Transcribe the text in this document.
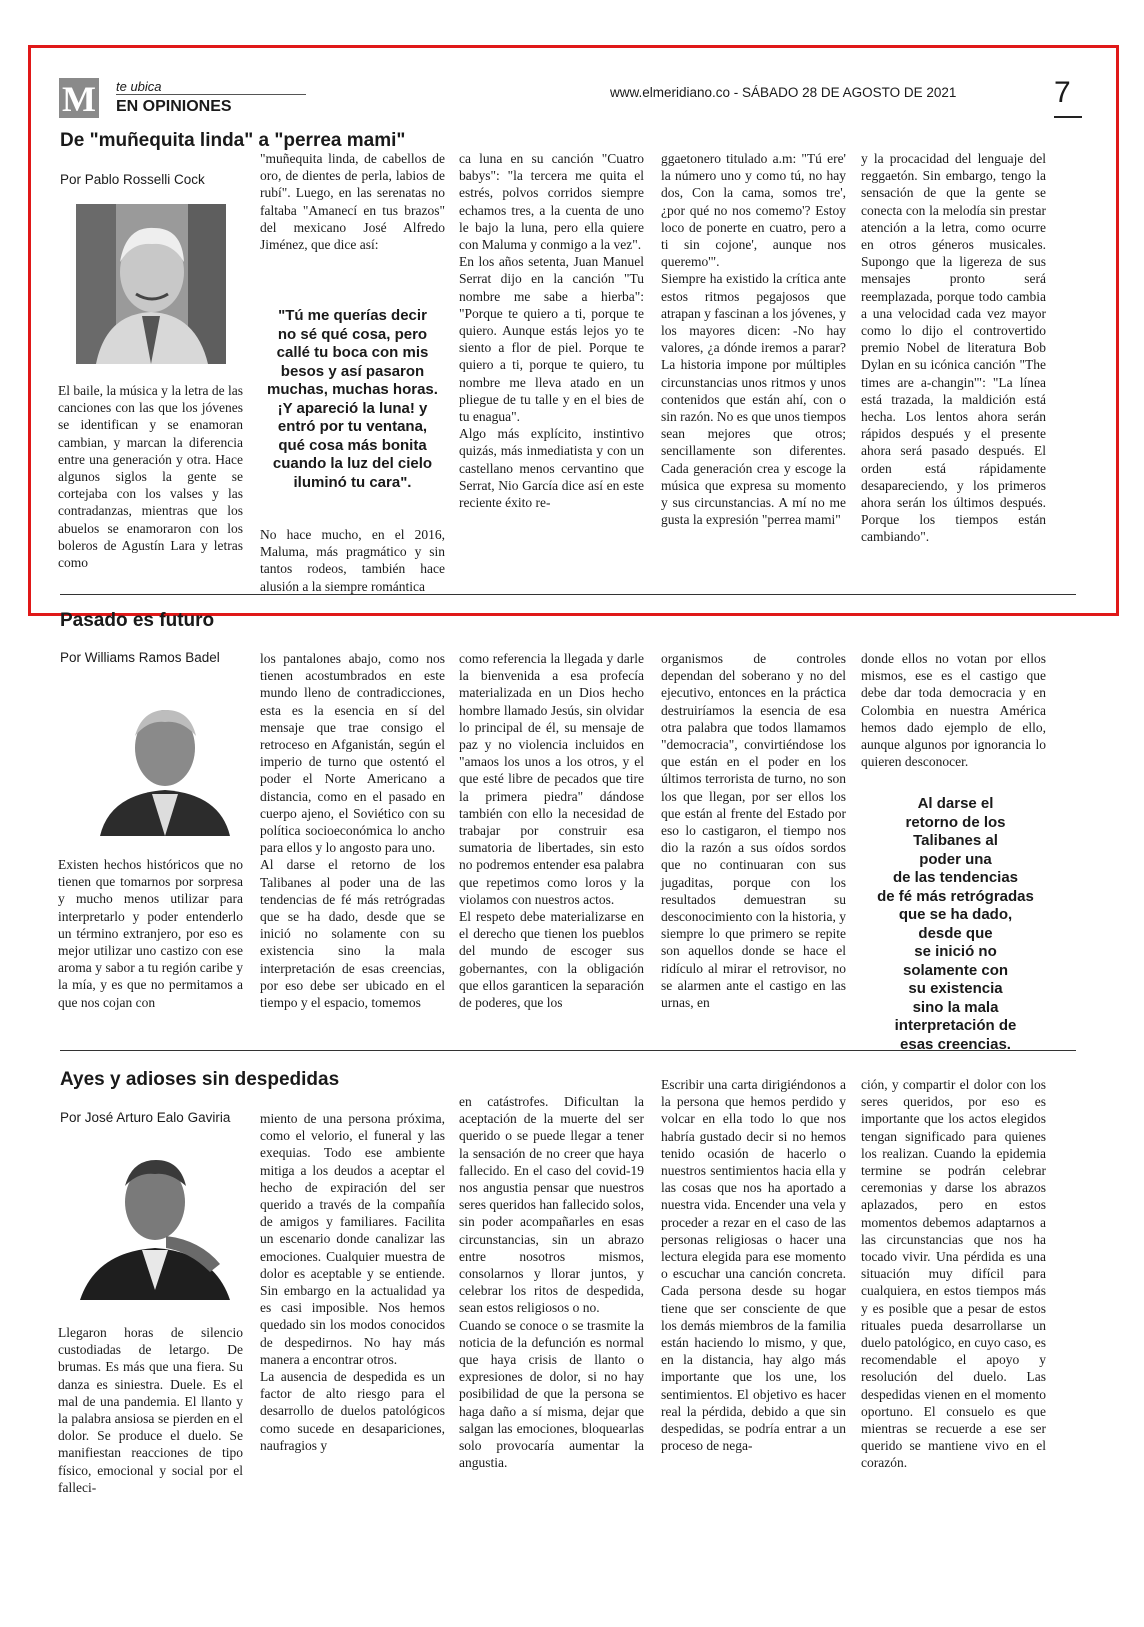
M te ubica
EN OPINIONES
www.elmeridiano.co - SÁBADO 28 DE AGOSTO DE 2021	7
De "muñequita linda" a "perrea mami"
Por Pablo Rosselli Cock
El baile, la música y la letra de las canciones con las que los jóvenes se identifican y se enamoran cambian, y marcan la diferencia entre una generación y otra. Hace algunos siglos la gente se cortejaba con los valses y las contradanzas, mientras que los abuelos se enamoraron con los boleros de Agustín Lara y letras como
"muñequita linda, de cabellos de oro, de dientes de perla, labios de rubí". Luego, en las serenatas no faltaba "Amanecí en tus brazos" del mexicano José Alfredo Jiménez, que dice así:
"Tú me querías decir
no sé qué cosa, pero
callé tu boca con mis
besos y así pasaron
muchas, muchas horas.
¡Y apareció la luna! y
entró por tu ventana,
qué cosa más bonita
cuando la luz del cielo
iluminó tu cara".
No hace mucho, en el 2016, Maluma, más pragmático y sin tantos rodeos, también hace alusión a la siempre romántica
ca luna en su canción "Cuatro babys": "la tercera me quita el estrés, polvos corridos siempre echamos tres, a la cuenta de uno le bajo la luna, pero ella quiere con Maluma y conmigo a la vez".
En los años setenta, Juan Manuel Serrat dijo en la canción "Tu nombre me sabe a hierba": "Porque te quiero a ti, porque te quiero. Aunque estás lejos yo te siento a flor de piel. Porque te quiero a ti, porque te quiero, tu nombre me lleva atado en un pliegue de tu talle y en el bies de tu enagua".
Algo más explícito, instintivo quizás, más inmediatista y con un castellano menos cervantino que Serrat, Nio García dice así en este reciente éxito re-
ggaetonero titulado a.m: "Tú ere' la número uno y como tú, no hay dos, Con la cama, somos tre', ¿por qué no nos comemo'? Estoy loco de ponerte en cuatro, pero a ti sin cojone', aunque nos queremo'".
Siempre ha existido la crítica ante estos ritmos pegajosos que atrapan y fascinan a los jóvenes, y los mayores dicen: -No hay valores, ¿a dónde iremos a parar? La historia impone por múltiples circunstancias unos ritmos y unos contenidos que están ahí, con o sin razón. No es que unos tiempos sean mejores que otros; sencillamente son diferentes. Cada generación crea y escoge la música que expresa su momento y sus circunstancias. A mí no me gusta la expresión "perrea mami"
y la procacidad del lenguaje del reggaetón. Sin embargo, tengo la sensación de que la gente se conecta con la melodía sin prestar atención a la letra, como ocurre en otros géneros musicales. Supongo que la ligereza de sus mensajes pronto será reemplazada, porque todo cambia a una velocidad cada vez mayor como lo dijo el controvertido premio Nobel de literatura Bob Dylan en su icónica canción "The times are a-changin'": "La línea está trazada, la maldición está hecha. Los lentos ahora serán rápidos después y el presente ahora será pasado después. El orden está rápidamente desapareciendo, y los primeros ahora serán los últimos después. Porque los tiempos están cambiando".
Pasado es futuro
Por Williams Ramos Badel
Existen hechos históricos que no tienen que tomarnos por sorpresa y mucho menos utilizar para interpretarlo y poder entenderlo un término extranjero, por eso es mejor utilizar uno castizo con ese aroma y sabor a tu región caribe y la mía, y es que no permitamos a que nos cojan con
los pantalones abajo, como nos tienen acostumbrados en este mundo lleno de contradicciones, esta es la esencia en sí del mensaje que trae consigo el retroceso en Afganistán, según el imperio de turno que ostentó el poder el Norte Americano a distancia, como en el pasado en cuerpo ajeno, el Soviético con su política socioeconómica lo ancho para ellos y lo angosto para uno.
Al darse el retorno de los Talibanes al poder una de las tendencias de fé más retrógradas que se ha dado, desde que se inició no solamente con su existencia sino la mala interpretación de esas creencias, por eso debe ser ubicado en el tiempo y el espacio, tomemos
como referencia la llegada y darle la bienvenida a esa profecía materializada en un Dios hecho hombre llamado Jesús, sin olvidar lo principal de él, su mensaje de paz y no violencia incluidos en "amaos los unos a los otros, y el que esté libre de pecados que tire la primera piedra" dándose también con ello la necesidad de trabajar por construir esa sumatoria de libertades, sin esto no podremos entender esa palabra que repetimos como loros y la violamos con nuestros actos.
El respeto debe materializarse en el derecho que tienen los pueblos del mundo de escoger sus gobernantes, con la obligación que ellos garanticen la separación de poderes, que los
organismos de controles dependan del soberano y no del ejecutivo, entonces en la práctica destruiríamos la esencia de esa otra palabra que todos llamamos "democracia", convirtiéndose los que están en el poder en los últimos terrorista de turno, no son los que llegan, por ser ellos los que están al frente del Estado por eso lo castigaron, el tiempo nos dio la razón a sus oídos sordos que no continuaran con sus jugaditas, porque con los resultados demuestran su desconocimiento con la historia, y siempre lo que primero se repite son aquellos donde se hace el ridículo al mirar el retrovisor, no se alarmen ante el castigo en las urnas, en
donde ellos no votan por ellos mismos, ese es el castigo que debe dar toda democracia y en Colombia en nuestra América hemos dado ejemplo de ello, aunque algunos por ignorancia lo quieren desconocer.
Al darse el
retorno de los
Talibanes al
poder una
de las tendencias
de fé más retrógradas
que se ha dado,
desde que
se inició no
solamente con
su existencia
sino la mala
interpretación de
esas creencias.
Ayes y adioses sin despedidas
Por José Arturo Ealo Gaviria
Llegaron horas de silencio custodiadas de letargo. De brumas. Es más que una fiera. Su danza es siniestra. Duele. Es el mal de una pandemia. El llanto y la palabra ansiosa se pierden en el dolor. Se produce el duelo. Se manifiestan reacciones de tipo físico, emocional y social por el falleci-
miento de una persona próxima, como el velorio, el funeral y las exequias. Todo ese ambiente mitiga a los deudos a aceptar el hecho de expiración del ser querido a través de la compañía de amigos y familiares. Facilita un escenario donde canalizar las emociones. Cualquier muestra de dolor es aceptable y se entiende. Sin embargo en la actualidad ya es casi imposible. Nos hemos quedado sin los modos conocidos de despedirnos. No hay más manera a encontrar otros.
La ausencia de despedida es un factor de alto riesgo para el desarrollo de duelos patológicos como sucede en desapariciones, naufragios y
en catástrofes. Dificultan la aceptación de la muerte del ser querido o se puede llegar a tener la sensación de no creer que haya fallecido. En el caso del covid-19 nos angustia pensar que nuestros seres queridos han fallecido solos, sin poder acompañarles en esas circunstancias, sin un abrazo entre nosotros mismos, consolarnos y llorar juntos, y celebrar los ritos de despedida, sean estos religiosos o no.
Cuando se conoce o se trasmite la noticia de la defunción es normal que haya crisis de llanto o expresiones de dolor, si no hay posibilidad de que la persona se haga daño a sí misma, dejar que salgan las emociones, bloquearlas solo provocaría aumentar la angustia.
Escribir una carta dirigiéndonos a la persona que hemos perdido y volcar en ella todo lo que nos habría gustado decir si no hemos tenido ocasión de hacerlo o nuestros sentimientos hacia ella y las cosas que nos ha aportado a nuestra vida. Encender una vela y proceder a rezar en el caso de las personas religiosas o hacer una lectura elegida para ese momento o escuchar una canción concreta. Cada persona desde su hogar tiene que ser consciente de que los demás miembros de la familia están haciendo lo mismo, y que, en la distancia, hay algo más importante que los une, los sentimientos. El objetivo es hacer real la pérdida, debido a que sin despedidas, se podría entrar a un proceso de nega-
ción, y compartir el dolor con los seres queridos, por eso es importante que los actos elegidos tengan significado para quienes los realizan. Cuando la epidemia termine se podrán celebrar ceremonias y darse los abrazos aplazados, pero en estos momentos debemos adaptarnos a las circunstancias que nos ha tocado vivir. Una pérdida es una situación muy difícil para cualquiera, en estos tiempos más y es posible que a pesar de estos rituales pueda desarrollarse un duelo patológico, en cuyo caso, es recomendable el apoyo y resolución del duelo. Las despedidas vienen en el momento oportuno. El consuelo es que mientras se recuerde a ese ser querido se mantiene vivo en el corazón.
